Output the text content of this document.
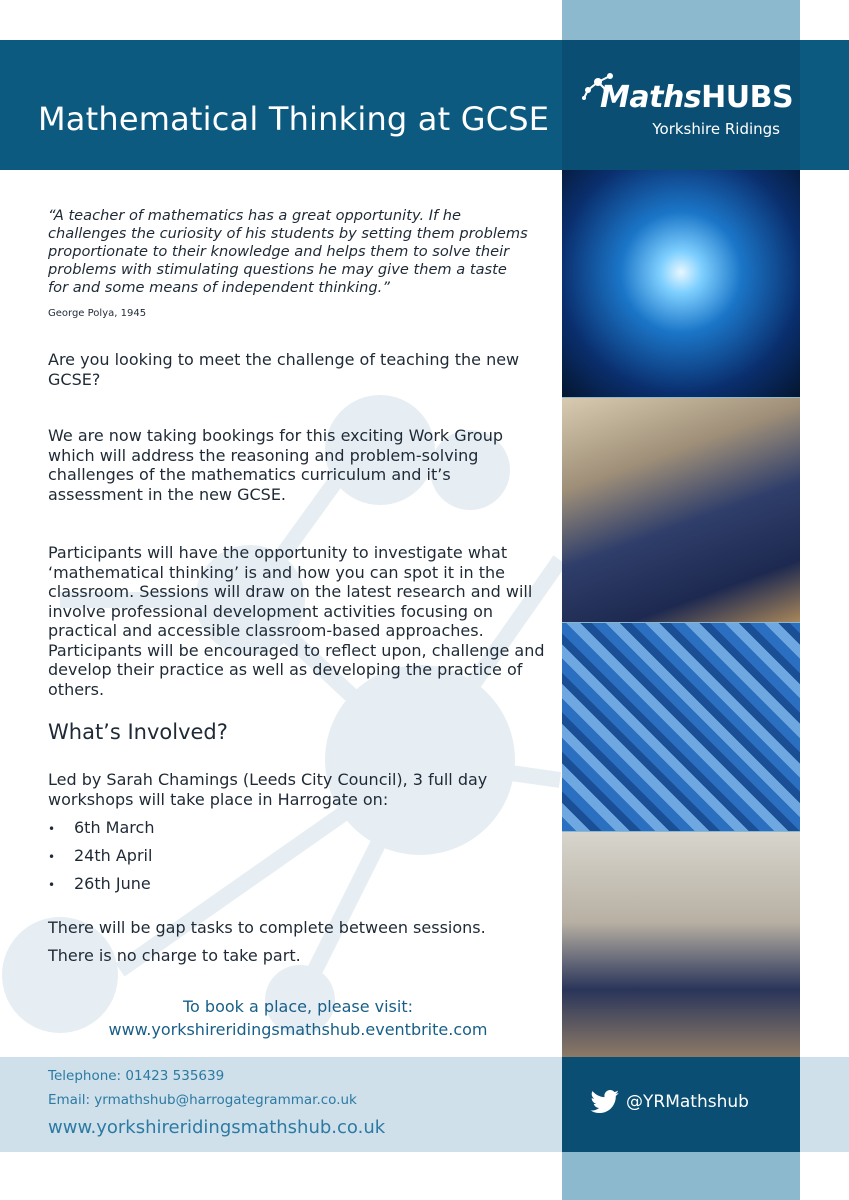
Mathematical Thinking at GCSE
MathsHUBS
Yorkshire Ridings

“A teacher of mathematics has a great opportunity. If he challenges the curiosity of his students by setting them problems proportionate to their knowledge and helps them to solve their problems with stimulating questions he may give them a taste for and some means of independent thinking.”

George Polya, 1945

Are you looking to meet the challenge of teaching the new GCSE?

We are now taking bookings for this exciting Work Group which will address the reasoning and problem-solving challenges of the mathematics curriculum and it’s assessment in the new GCSE.

Participants will have the opportunity to investigate what ‘mathematical thinking’ is and how you can spot it in the classroom. Sessions will draw on the latest research and will involve professional development activities focusing on practical and accessible classroom-based approaches. Participants will be encouraged to reflect upon, challenge and develop their practice as well as developing the practice of others.

What’s Involved?

Led by Sarah Chamings (Leeds City Council), 3 full day workshops will take place in Harrogate on:

• 6th March
• 24th April
• 26th June

There will be gap tasks to complete between sessions.

There is no charge to take part.

To book a place, please visit:
www.yorkshireridingsmathshub.eventbrite.com
Telephone: 01423 535639
Email: yrmathshub@harrogategrammar.co.uk
www.yorkshireridingsmathshub.co.uk
@YRMathshub
